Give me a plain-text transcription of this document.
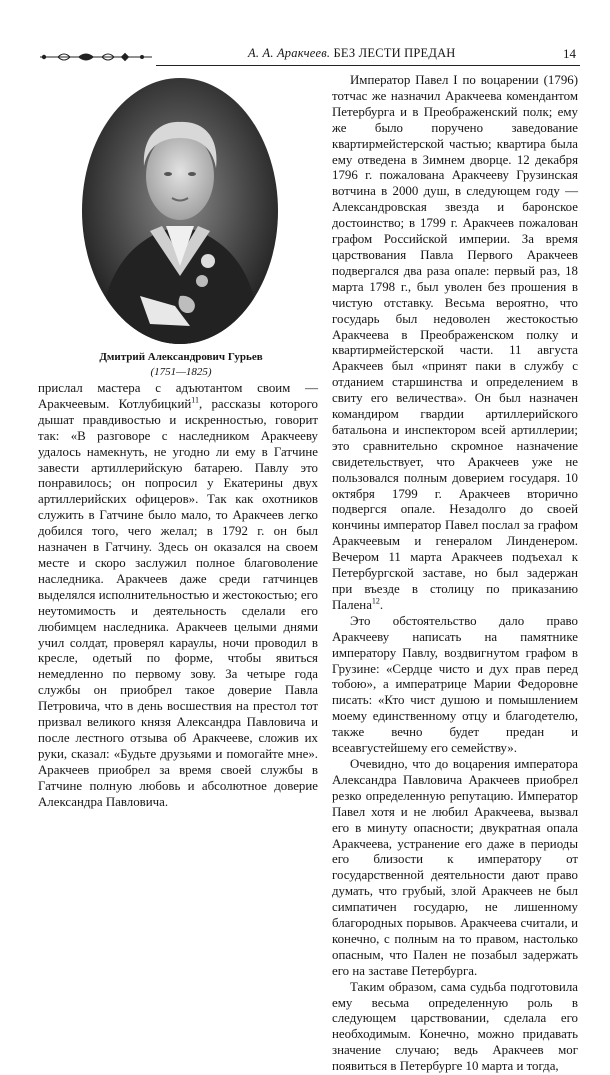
А. А. Аракчеев. БЕЗ ЛЕСТИ ПРЕДАН	14
Дмитрий Александрович Гурьев
(1751—1825)

прислал мастера с адъютантом своим — Аракчеевым. Котлубицкий$^{11}$, рассказы которого дышат правдивостью и искренностью, говорит так: «В разговоре с наследником Аракчееву удалось намекнуть, не угодно ли ему в Гатчине завести артиллерийскую батарею. Павлу это понравилось; он попросил у Екатерины двух артиллерийских офицеров». Так как охотников служить в Гатчине было мало, то Аракчеев легко добился того, чего желал; в 1792 г. он был назначен в Гатчину. Здесь он оказался на своем месте и скоро заслужил полное благоволение наследника. Аракчеев даже среди гатчинцев выделялся исполнительностью и жестокостью; его неутомимость и деятельность сделали его любимцем наследника. Аракчеев целыми днями учил солдат, проверял караулы, ночи проводил в кресле, одетый по форме, чтобы явиться немедленно по первому зову. За четыре года службы он приобрел такое доверие Павла Петровича, что в день восшествия на престол тот призвал великого князя Александра Павловича и после лестного отзыва об Аракчееве, сложив их руки, сказал: «Будьте друзьями и помогайте мне». Аракчеев приобрел за время своей службы в Гатчине полную любовь и абсолютное доверие Александра Павловича.

Император Павел I по воцарении (1796) тотчас же назначил Аракчеева комендантом Петербурга и в Преображенский полк; ему же было поручено заведование квартирмейстерской частью; квартира была ему отведена в Зимнем дворце. 12 декабря 1796 г. пожалована Аракчееву Грузинская вотчина в 2000 душ, в следующем году — Александровская звезда и баронское достоинство; в 1799 г. Аракчеев пожалован графом Российской империи. За время царствования Павла Первого Аракчеев подвергался два раза опале: первый раз, 18 марта 1798 г., был уволен без прошения в чистую отставку. Весьма вероятно, что государь был недоволен жестокостью Аракчеева в Преображенском полку и квартирмейстерской части. 11 августа Аракчеев был «принят паки в службу с отданием старшинства и определением в свиту его величества». Он был назначен командиром гвардии артиллерийского батальона и инспектором всей артиллерии; это сравнительно скромное назначение свидетельствует, что Аракчеев уже не пользовался полным доверием государя. 10 октября 1799 г. Аракчеев вторично подвергся опале. Незадолго до своей кончины император Павел послал за графом Аракчеевым и генералом Линденером. Вечером 11 марта Аракчеев подъехал к Петербургской заставе, но был задержан при въезде в столицу по приказанию Палена$^{12}$.

Это обстоятельство дало право Аракчееву написать на памятнике императору Павлу, воздвигнутом графом в Грузине: «Сердце чисто и дух прав перед тобою», а императрице Марии Федоровне писать: «Кто чист душою и помышлением моему единственному отцу и благодетелю, также вечно будет предан и всеавгустейшему его семейству».

Очевидно, что до воцарения императора Александра Павловича Аракчеев приобрел резко определенную репутацию. Император Павел хотя и не любил Аракчеева, вызвал его в минуту опасности; двукратная опала Аракчеева, устранение его даже в периоды его близости к императору от государственной деятельности дают право думать, что грубый, злой Аракчеев не был симпатичен государю, не лишенному благородных порывов. Аракчеева считали, и конечно, с полным на то правом, настолько опасным, что Пален не позабыл задержать его на заставе Петербурга.

Таким образом, сама судьба подготовила ему весьма определенную роль в следующем царствовании, сделала его необходимым. Конечно, можно придавать значение случаю; ведь Аракчеев мог появиться в Петербурге 10 марта и тогда,
